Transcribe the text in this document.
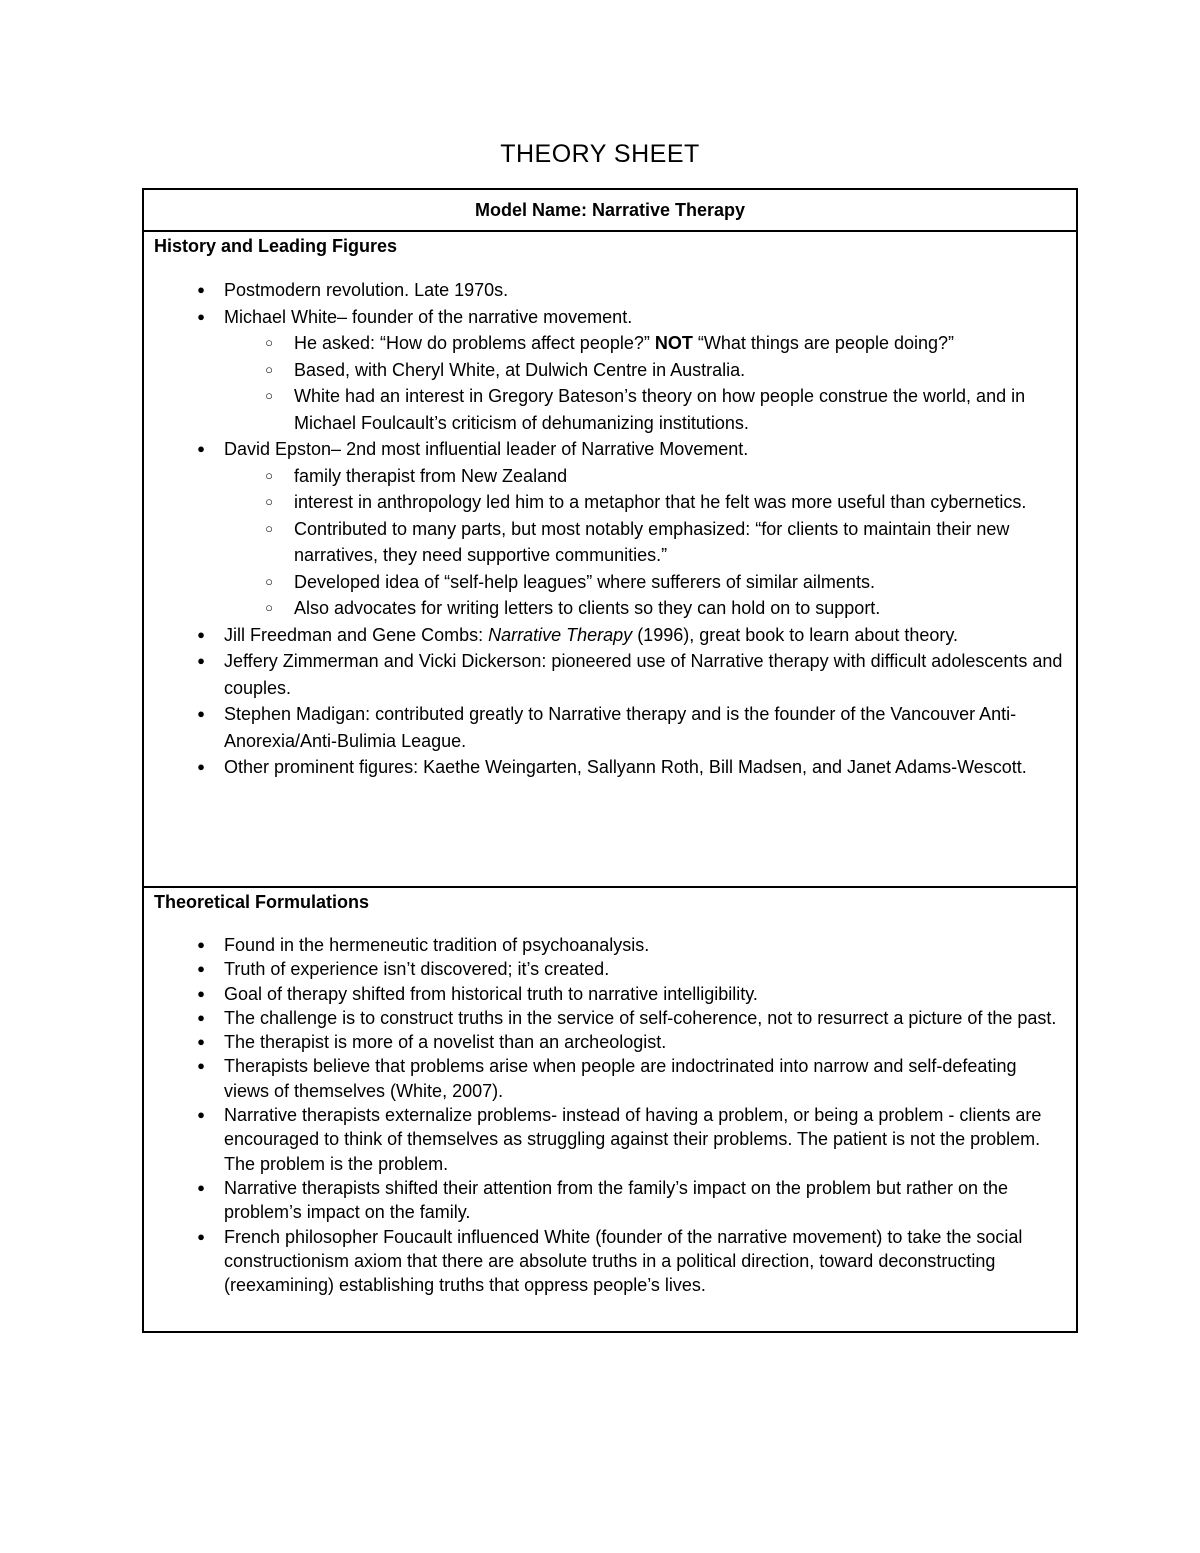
THEORY SHEET
Model Name: Narrative Therapy
History and Leading Figures
● Postmodern revolution. Late 1970s.
● Michael White– founder of the narrative movement.
○ He asked: “How do problems affect people?” NOT “What things are people doing?”
○ Based, with Cheryl White, at Dulwich Centre in Australia.
○ White had an interest in Gregory Bateson’s theory on how people construe the world, and in Michael Foulcault’s criticism of dehumanizing institutions.
● David Epston– 2nd most influential leader of Narrative Movement.
○ family therapist from New Zealand
○ interest in anthropology led him to a metaphor that he felt was more useful than cybernetics.
○ Contributed to many parts, but most notably emphasized: “for clients to maintain their new narratives, they need supportive communities.”
○ Developed idea of “self-help leagues” where sufferers of similar ailments.
○ Also advocates for writing letters to clients so they can hold on to support.
● Jill Freedman and Gene Combs: Narrative Therapy (1996), great book to learn about theory.
● Jeffery Zimmerman and Vicki Dickerson: pioneered use of Narrative therapy with difficult adolescents and couples.
● Stephen Madigan: contributed greatly to Narrative therapy and is the founder of the Vancouver Anti-Anorexia/Anti-Bulimia League.
● Other prominent figures: Kaethe Weingarten, Sallyann Roth, Bill Madsen, and Janet Adams-Wescott.
Theoretical Formulations
● Found in the hermeneutic tradition of psychoanalysis.
● Truth of experience isn’t discovered; it’s created.
● Goal of therapy shifted from historical truth to narrative intelligibility.
● The challenge is to construct truths in the service of self-coherence, not to resurrect a picture of the past.
● The therapist is more of a novelist than an archeologist.
● Therapists believe that problems arise when people are indoctrinated into narrow and self-defeating views of themselves (White, 2007).
● Narrative therapists externalize problems- instead of having a problem, or being a problem - clients are encouraged to think of themselves as struggling against their problems. The patient is not the problem. The problem is the problem.
● Narrative therapists shifted their attention from the family’s impact on the problem but rather on the problem’s impact on the family.
● French philosopher Foucault influenced White (founder of the narrative movement) to take the social constructionism axiom that there are absolute truths in a political direction, toward deconstructing (reexamining) establishing truths that oppress people’s lives.
